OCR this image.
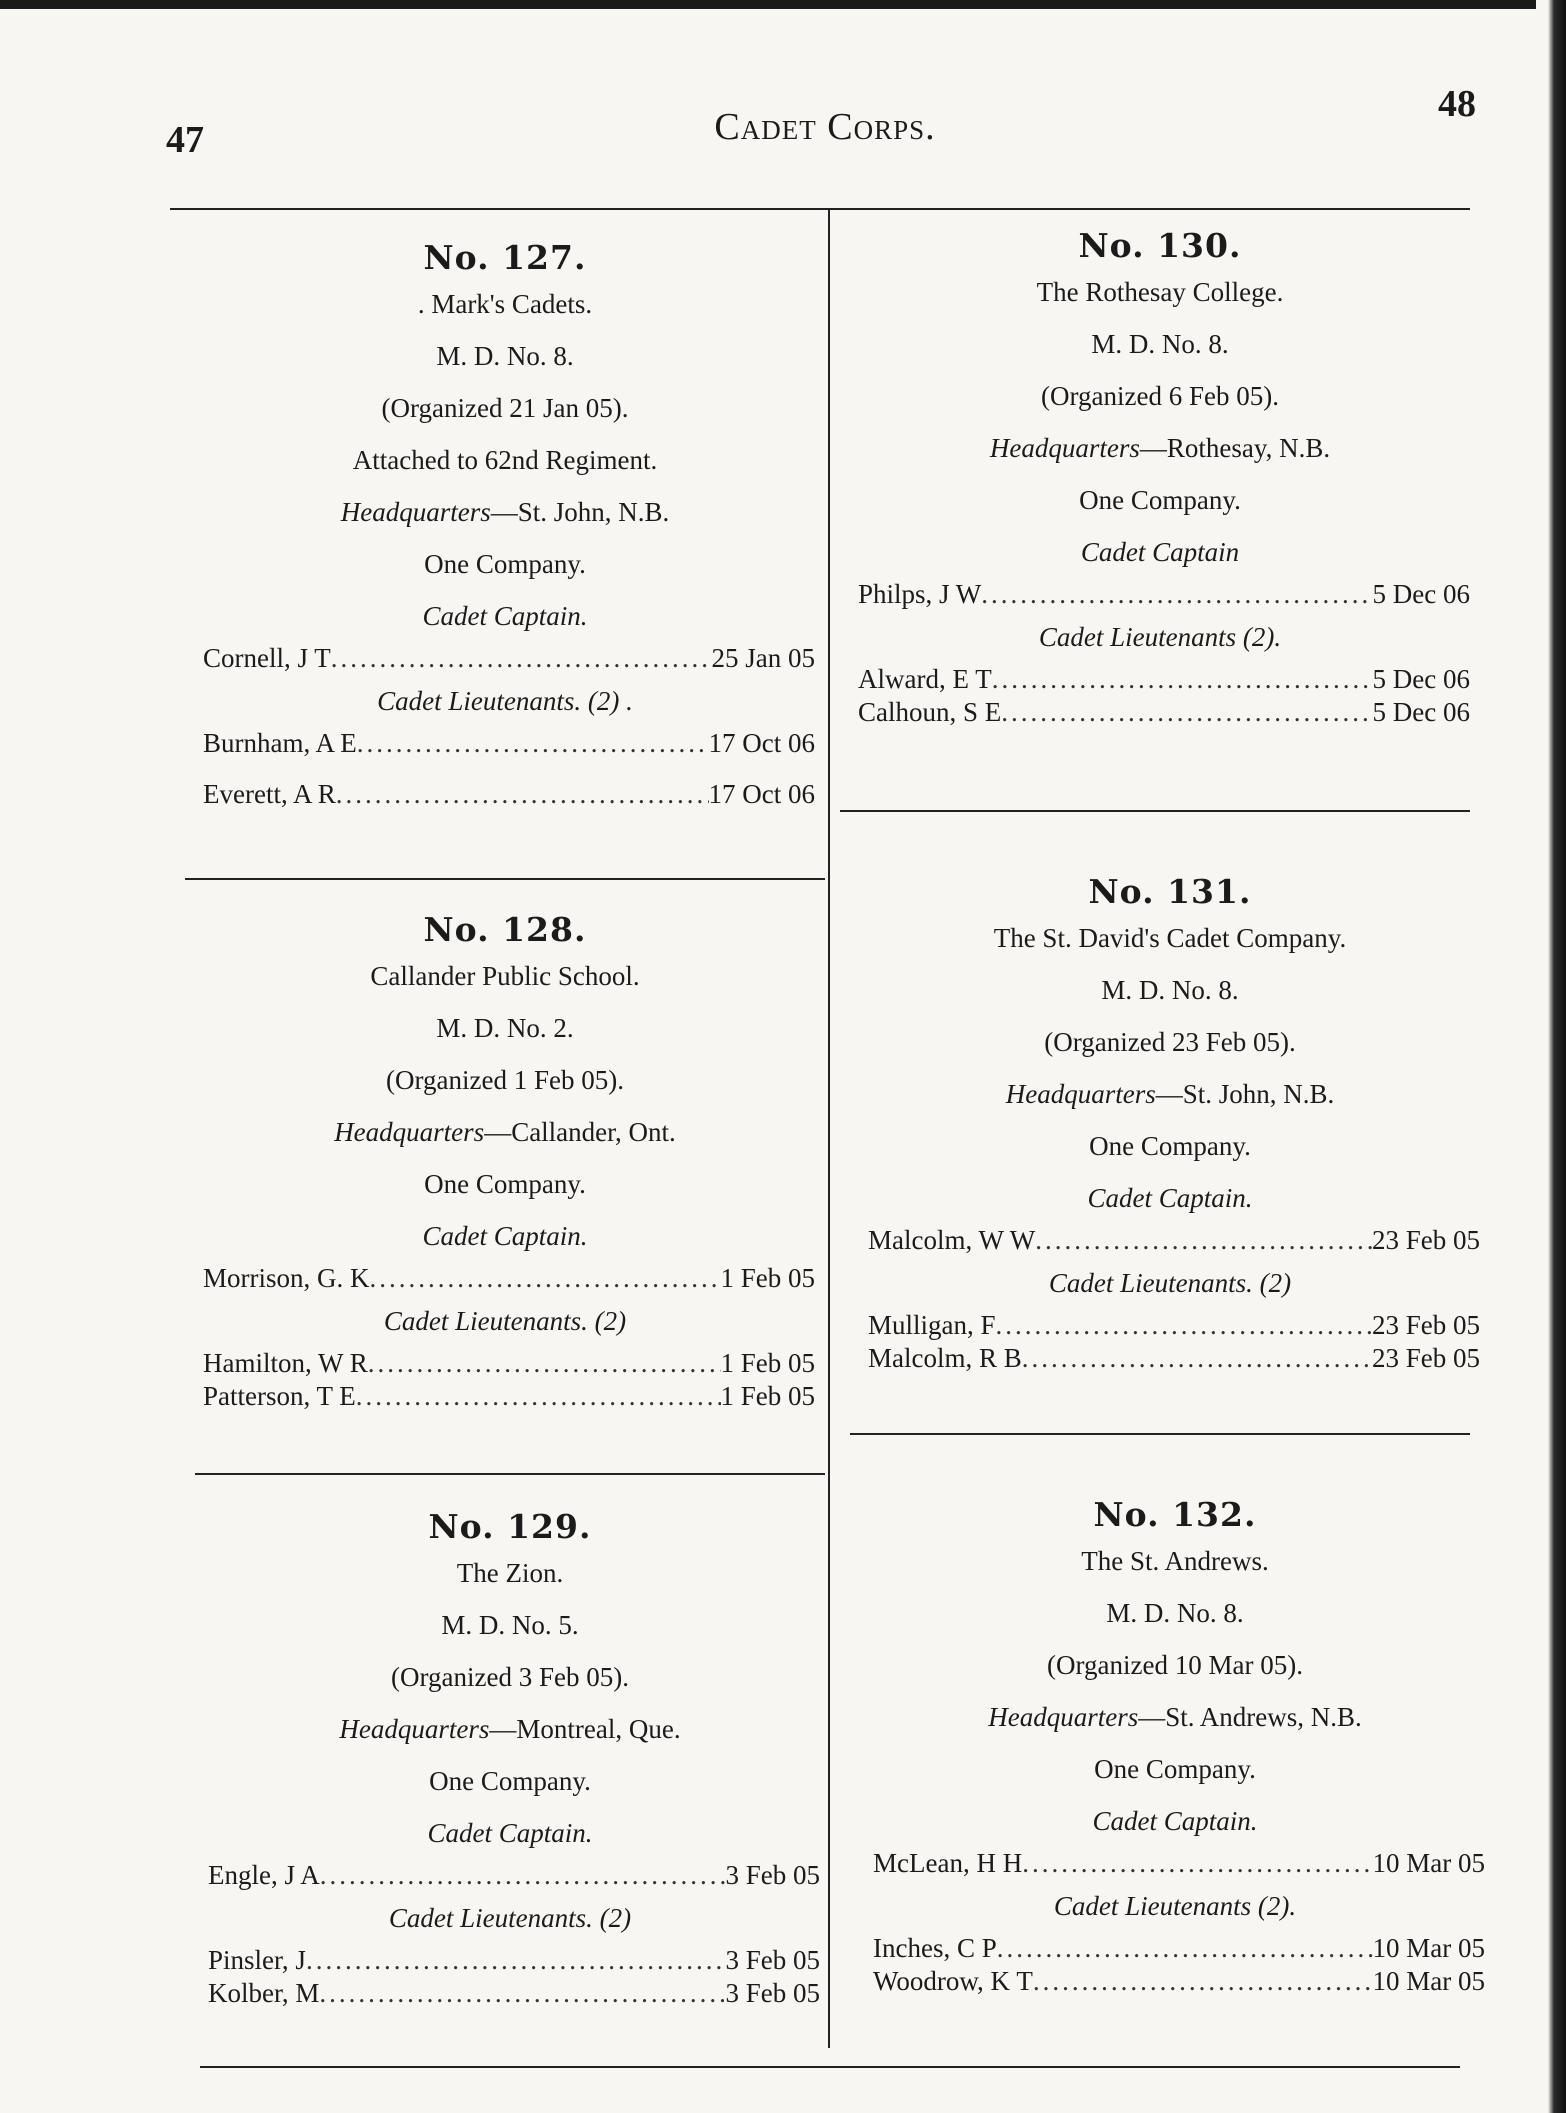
47
48
Cadet Corps.
No. 127.
. Mark's Cadets.
M. D. No. 8.
(Organized 21 Jan 05).
Attached to 62nd Regiment.
Headquarters—St. John, N.B.
One Company.
Cadet Captain.
Cornell, J T .....	25 Jan 05
Cadet Lieutenants. (2) .
Burnham, A E .....	17 Oct 06
Everett, A R .....	17 Oct 06
No. 128.
Callander Public School.
M. D. No. 2.
(Organized 1 Feb 05).
Headquarters—Callander, Ont.
One Company.
Cadet Captain.
Morrison, G. K .....	1 Feb 05
Cadet Lieutenants. (2)
Hamilton, W R .....	1 Feb 05
Patterson, T E .....	1 Feb 05
No. 129.
The Zion.
M. D. No. 5.
(Organized 3 Feb 05).
Headquarters—Montreal, Que.
One Company.
Cadet Captain.
Engle, J A .....	3 Feb 05
Cadet Lieutenants. (2)
Pinsler, J .....	3 Feb 05
Kolber, M .....	3 Feb 05
No. 130.
The Rothesay College.
M. D. No. 8.
(Organized 6 Feb 05).
Headquarters—Rothesay, N.B.
One Company.
Cadet Captain
Philps, J W .....	5 Dec 06
Cadet Lieutenants (2).
Alward, E T .....	5 Dec 06
Calhoun, S E .....	5 Dec 06
No. 131.
The St. David's Cadet Company.
M. D. No. 8.
(Organized 23 Feb 05).
Headquarters—St. John, N.B.
One Company.
Cadet Captain.
Malcolm, W W .....	23 Feb 05
Cadet Lieutenants. (2)
Mulligan, F .....	23 Feb 05
Malcolm, R B .....	23 Feb 05
No. 132.
The St. Andrews.
M. D. No. 8.
(Organized 10 Mar 05).
Headquarters—St. Andrews, N.B.
One Company.
Cadet Captain.
McLean, H H .....	10 Mar 05
Cadet Lieutenants (2).
Inches, C P .....	10 Mar 05
Woodrow, K T .....	10 Mar 05
